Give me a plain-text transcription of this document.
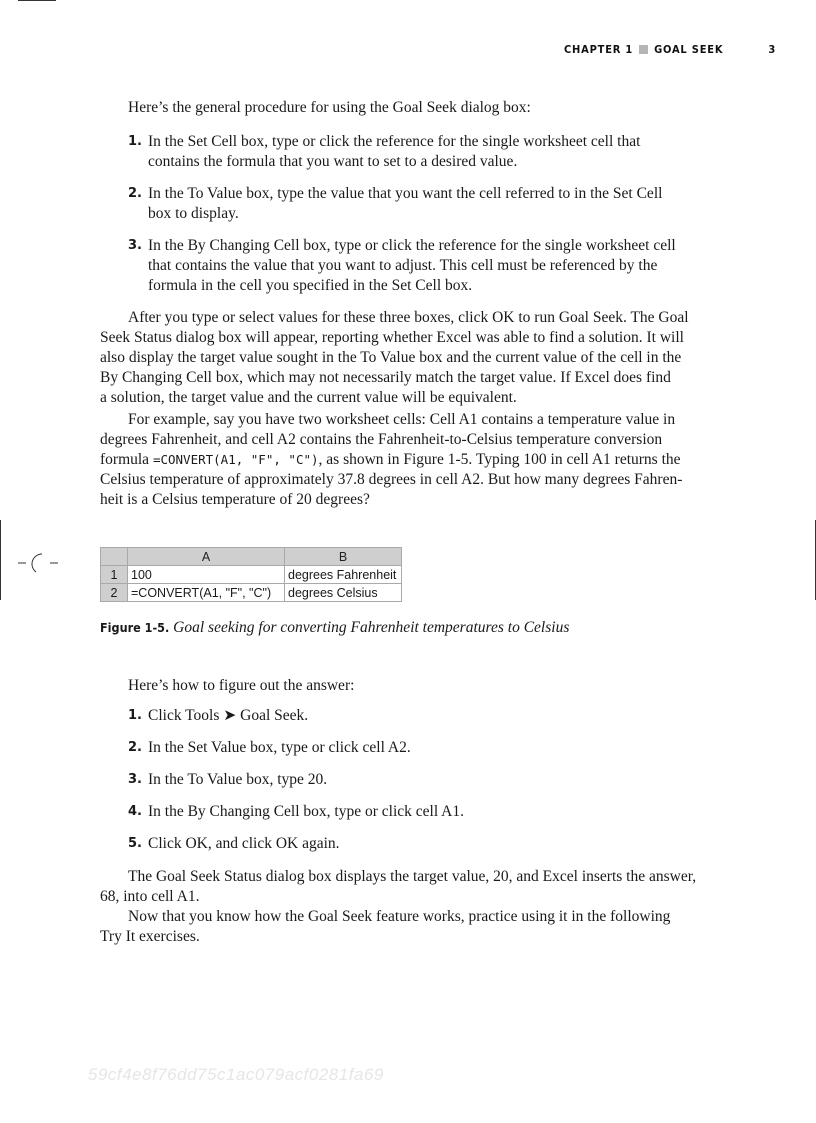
CHAPTER 1 GOAL SEEK	3

Here’s the general procedure for using the Goal Seek dialog box:

1. In the Set Cell box, type or click the reference for the single worksheet cell that
contains the formula that you want to set to a desired value.
2. In the To Value box, type the value that you want the cell referred to in the Set Cell
box to display.
3. In the By Changing Cell box, type or click the reference for the single worksheet cell
that contains the value that you want to adjust. This cell must be referenced by the
formula in the cell you specified in the Set Cell box.
After you type or select values for these three boxes, click OK to run Goal Seek. The Goal
Seek Status dialog box will appear, reporting whether Excel was able to find a solution. It will
also display the target value sought in the To Value box and the current value of the cell in the
By Changing Cell box, which may not necessarily match the target value. If Excel does find
a solution, the target value and the current value will be equivalent.
For example, say you have two worksheet cells: Cell A1 contains a temperature value in
degrees Fahrenheit, and cell A2 contains the Fahrenheit-to-Celsius temperature conversion
formula =CONVERT(A1, "F", "C"), as shown in Figure 1-5. Typing 100 in cell A1 returns the
Celsius temperature of approximately 37.8 degrees in cell A2. But how many degrees Fahren-
heit is a Celsius temperature of 20 degrees?
	A	B
1	100	degrees Fahrenheit
2	=CONVERT(A1, "F", "C")	degrees Celsius
Figure 1-5. Goal seeking for converting Fahrenheit temperatures to Celsius

Here’s how to figure out the answer:

1. Click Tools ➤ Goal Seek.
2. In the Set Value box, type or click cell A2.
3. In the To Value box, type 20.
4. In the By Changing Cell box, type or click cell A1.
5. Click OK, and click OK again.
The Goal Seek Status dialog box displays the target value, 20, and Excel inserts the answer,
68, into cell A1.
Now that you know how the Goal Seek feature works, practice using it in the following
Try It exercises.
59cf4e8f76dd75c1ac079acf0281fa69
